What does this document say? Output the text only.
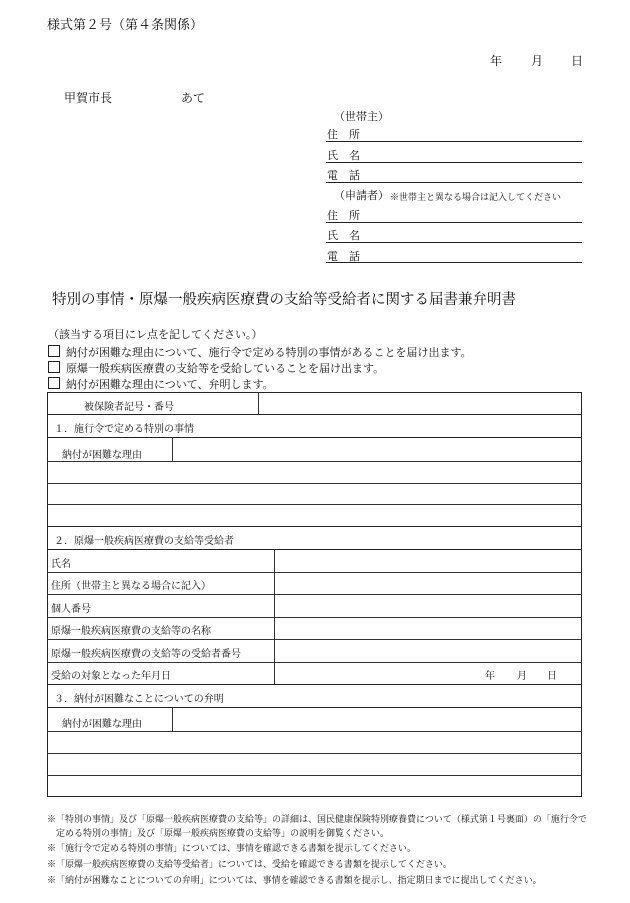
様式第２号（第４条関係）
年 月 日
甲賀市長	あて
（世帯主）
住　所
氏　名
電　話
（申請者） ※世帯主と異なる場合は記入してください
住　所
氏　名
電　話
特別の事情・原爆一般疾病医療費の支給等受給者に関する届書兼弁明書
（該当する項目にレ点を記してください。）
納付が困難な理由について、施行令で定める特別の事情があることを届け出ます。
原爆一般疾病医療費の支給等を受給していることを届け出ます。
納付が困難な理由について、弁明します。
被保険者記号・番号
１．施行令で定める特別の事情
納付が困難な理由
２．原爆一般疾病医療費の支給等受給者
氏名
住所（世帯主と異なる場合に記入）
個人番号
原爆一般疾病医療費の支給等の名称
原爆一般疾病医療費の支給等の受給者番号
受給の対象となった年月日	年 月 日
３．納付が困難なことについての弁明
納付が困難な理由
※「特別の事情」及び「原爆一般疾病医療費の支給等」の詳細は、国民健康保険特別療養費について（様式第１号裏面）の「施行令で
定める特別の事情」及び「原爆一般疾病医療費の支給等」の説明を御覧ください。
※「施行令で定める特別の事情」については、事情を確認できる書類を提示してください。
※「原爆一般疾病医療費の支給等受給者」については、受給を確認できる書類を提示してください。
※「納付が困難なことについての弁明」については、事情を確認できる書類を提示し、指定期日までに提出してください。
